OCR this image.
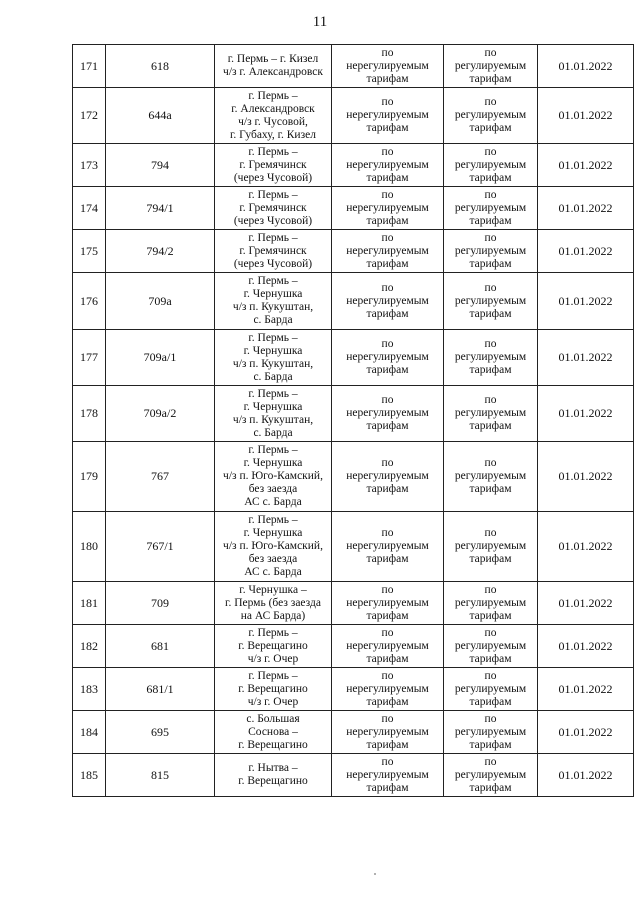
11
171	618	г. Пермь – г. Кизел
ч/з г. Александровск	по
нерегулируемым
тарифам	по
регулируемым
тарифам	01.01.2022
172	644а	г. Пермь –
г. Александровск
ч/з г. Чусовой,
г. Губаху, г. Кизел	по
нерегулируемым
тарифам	по
регулируемым
тарифам	01.01.2022
173	794	г. Пермь –
г. Гремячинск
(через Чусовой)	по
нерегулируемым
тарифам	по
регулируемым
тарифам	01.01.2022
174	794/1	г. Пермь –
г. Гремячинск
(через Чусовой)	по
нерегулируемым
тарифам	по
регулируемым
тарифам	01.01.2022
175	794/2	г. Пермь –
г. Гремячинск
(через Чусовой)	по
нерегулируемым
тарифам	по
регулируемым
тарифам	01.01.2022
176	709а	г. Пермь –
г. Чернушка
ч/з п. Кукуштан,
с. Барда	по
нерегулируемым
тарифам	по
регулируемым
тарифам	01.01.2022
177	709а/1	г. Пермь –
г. Чернушка
ч/з п. Кукуштан,
с. Барда	по
нерегулируемым
тарифам	по
регулируемым
тарифам	01.01.2022
178	709а/2	г. Пермь –
г. Чернушка
ч/з п. Кукуштан,
с. Барда	по
нерегулируемым
тарифам	по
регулируемым
тарифам	01.01.2022
179	767	г. Пермь –
г. Чернушка
ч/з п. Юго-Камский,
без заезда
АС с. Барда	по
нерегулируемым
тарифам	по
регулируемым
тарифам	01.01.2022
180	767/1	г. Пермь –
г. Чернушка
ч/з п. Юго-Камский,
без заезда
АС с. Барда	по
нерегулируемым
тарифам	по
регулируемым
тарифам	01.01.2022
181	709	г. Чернушка –
г. Пермь (без заезда
на АС Барда)	по
нерегулируемым
тарифам	по
регулируемым
тарифам	01.01.2022
182	681	г. Пермь –
г. Верещагино
ч/з г. Очер	по
нерегулируемым
тарифам	по
регулируемым
тарифам	01.01.2022
183	681/1	г. Пермь –
г. Верещагино
ч/з г. Очер	по
нерегулируемым
тарифам	по
регулируемым
тарифам	01.01.2022
184	695	с. Большая
Соснова –
г. Верещагино	по
нерегулируемым
тарифам	по
регулируемым
тарифам	01.01.2022
185	815	г. Нытва –
г. Верещагино	по
нерегулируемым
тарифам	по
регулируемым
тарифам	01.01.2022
